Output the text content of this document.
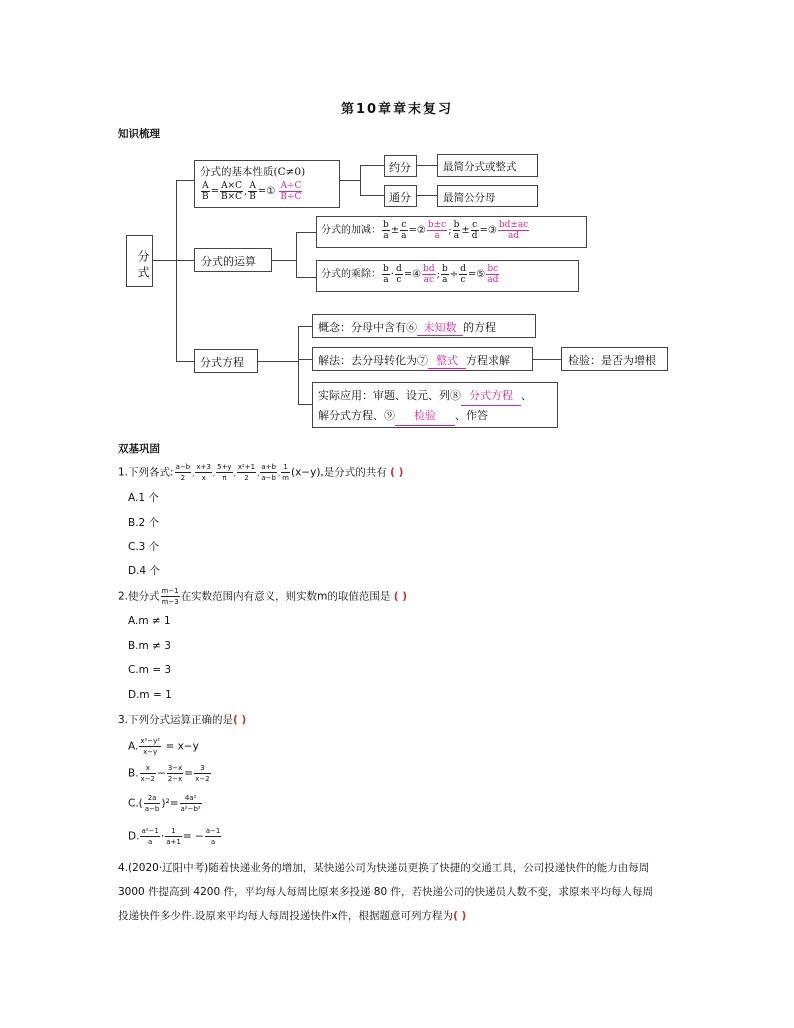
第10章章末复习
知识梳理
分式
分式的基本性质(C≠0)
$\frac{A}{B} = \frac{A\times C}{B\times C}$ , $\frac{A}{B}$ =① $\frac{A\div C}{B\div C}$
约分
通分
最简分式或整式
最简公分母
分式的运算
分式的加减： $\frac{b}{a} \pm \frac{c}{a}$ =② $\frac{b\pm c}{a}$ ; $\frac{b}{a} \pm \frac{c}{d}$ =③ $\frac{bd\pm ac}{ad}$
分式的乘除： $\frac{b}{a} \cdot \frac{d}{c}$ =④ $\frac{bd}{ac}$ ; $\frac{b}{a} \div \frac{d}{c}$ =⑤ $\frac{bc}{ad}$
分式方程
概念：分母中含有⑥ 未知数 的方程
解法：去分母转化为⑦ 整式 方程求解	检验：是否为增根
实际应用：审题、设元、列⑧ 分式方程 、
解分式方程、⑨ 检验 、作答
双基巩固
1.下列各式: $\frac{a-b}{2}$ , $\frac{x+3}{x}$ , $\frac{5+y}{\pi}$ , $\frac{\text{x²+1}}{2}$ , $\frac{a+b}{a-b}$ , $\frac{1}{m} (x-y)$,是分式的共有 ( )
A.1 个
B.2 个
C.3 个
D.4 个
2.使分式 $\frac{m-1}{m-3}$ 在实数范围内有意义，则实数m的取值范围是 ( )
A.m ≠ 1
B.m ≠ 3
C.m = 3
D.m = 1
3.下列分式运算正确的是( )
A. $\frac{\text{x²−y²}}{x-y} = x-y$
B. $\frac{x}{x-2} - \frac{3-x}{2-x} = \frac{3}{x-2}$
$C.( \frac{2a}{a-b} )^2= \frac{\text{4a²}}{\text{a²−b²}}$
D. $\frac{\text{a²−1}}{a} \cdot \frac{1}{a+1}$ = − $\frac{a-1}{a}$
4.(2020·辽阳中考)随着快递业务的增加，某快递公司为快递员更换了快捷的交通工具，公司投递快件的能力由每周
3000 件提高到 4200 件，平均每人每周比原来多投递 80 件，若快递公司的快递员人数不变，求原来平均每人每周
投递快件多少件.设原来平均每人每周投递快件x件，根据题意可列方程为( )
